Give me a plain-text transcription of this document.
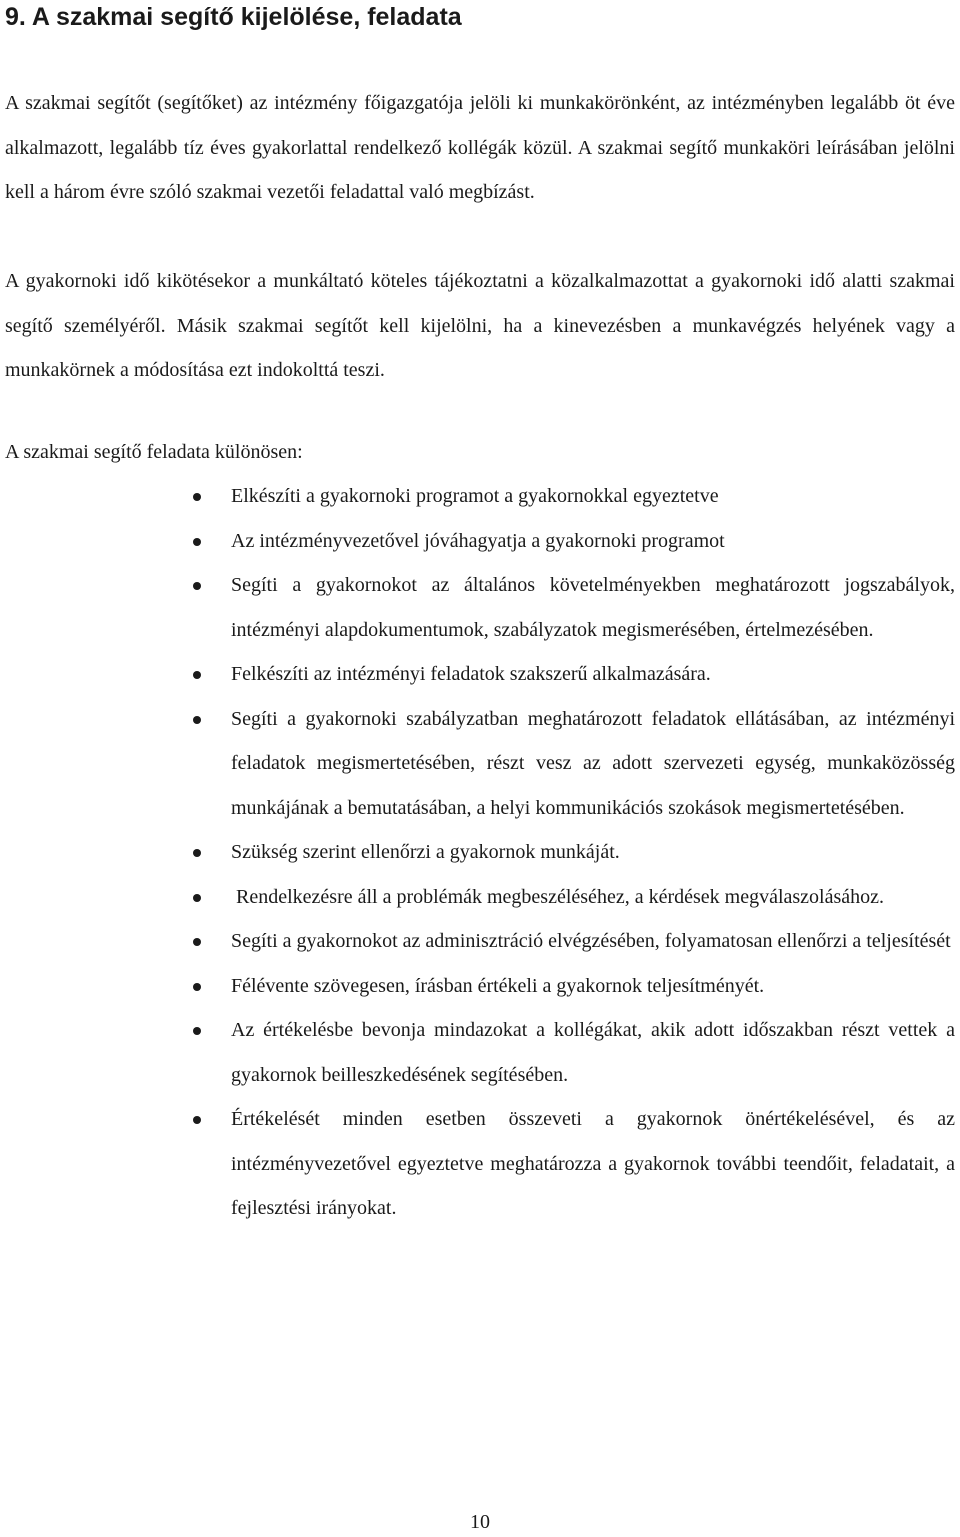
9. A szakmai segítő kijelölése, feladata

A szakmai segítőt (segítőket) az intézmény főigazgatója jelöli ki munkakörönként, az intézményben legalább öt éve alkalmazott, legalább tíz éves gyakorlattal rendelkező kollégák közül. A szakmai segítő munkaköri leírásában jelölni kell a három évre szóló szakmai vezetői feladattal való megbízást.

A gyakornoki idő kikötésekor a munkáltató köteles tájékoztatni a közalkalmazottat a gyakornoki idő alatti szakmai segítő személyéről. Másik szakmai segítőt kell kijelölni, ha a kinevezésben a munkavégzés helyének vagy a munkakörnek a módosítása ezt indokolttá teszi.

A szakmai segítő feladata különösen:

Elkészíti a gyakornoki programot a gyakornokkal egyeztetve
Az intézményvezetővel jóváhagyatja a gyakornoki programot
Segíti a gyakornokot az általános követelményekben meghatározott jogszabályok, intézményi alapdokumentumok, szabályzatok megismerésében, értelmezésében.
Felkészíti az intézményi feladatok szakszerű alkalmazására.
Segíti a gyakornoki szabályzatban meghatározott feladatok ellátásában, az intézményi feladatok megismertetésében, részt vesz az adott szervezeti egység, munkaközösség munkájának a bemutatásában, a helyi kommunikációs szokások megismertetésében.
Szükség szerint ellenőrzi a gyakornok munkáját.
Rendelkezésre áll a problémák megbeszéléséhez, a kérdések megválaszolásához.
Segíti a gyakornokot az adminisztráció elvégzésében, folyamatosan ellenőrzi a teljesítését
Félévente szövegesen, írásban értékeli a gyakornok teljesítményét.
Az értékelésbe bevonja mindazokat a kollégákat, akik adott időszakban részt vettek a gyakornok beilleszkedésének segítésében.
Értékelését minden esetben összeveti a gyakornok önértékelésével, és az intézményvezetővel egyeztetve meghatározza a gyakornok további teendőit, feladatait, a fejlesztési irányokat.
10
